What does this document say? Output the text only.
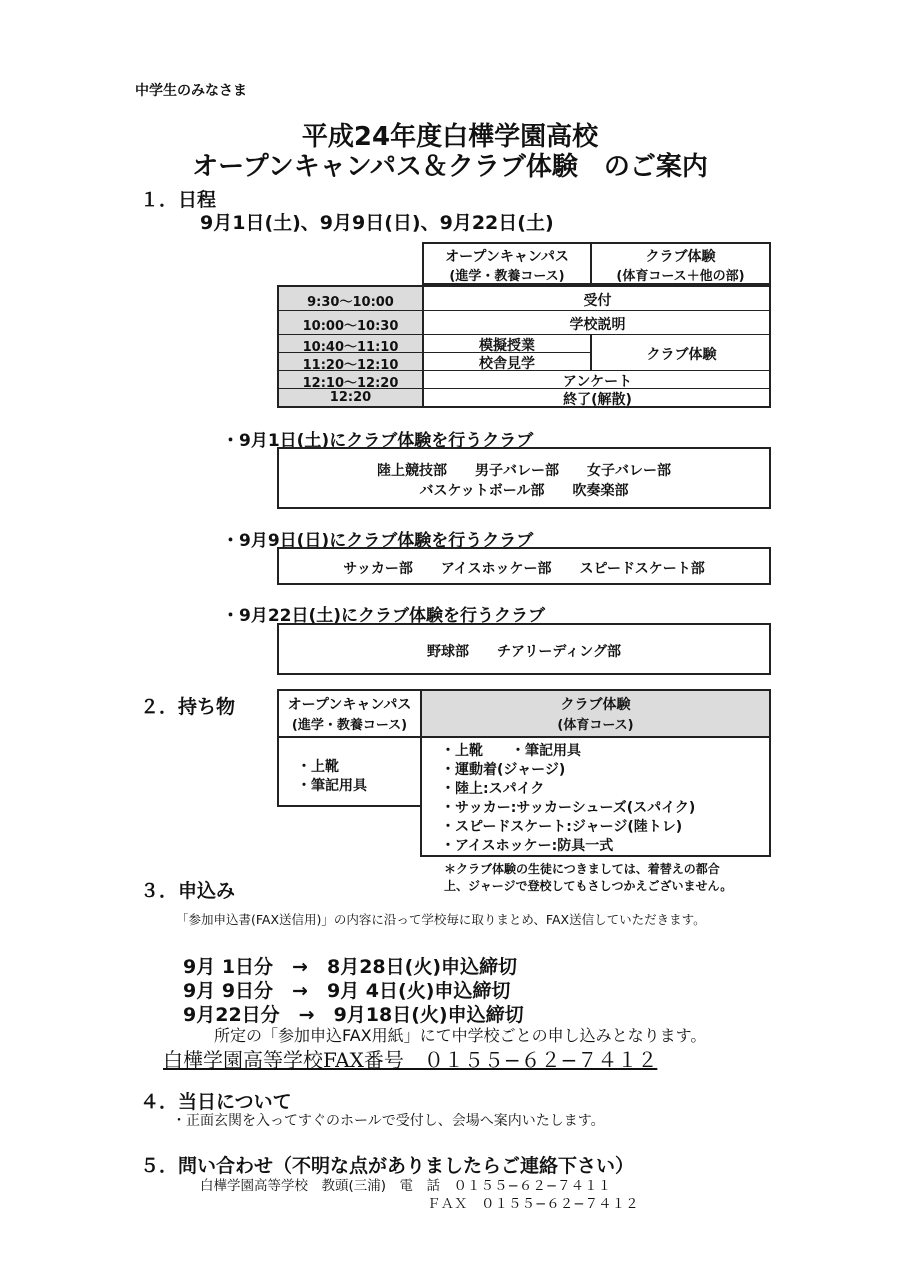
中学生のみなさま
平成24年度白樺学園高校
オープンキャンパス＆クラブ体験　のご案内
１．日程
9月1日(土)、9月9日(日)、9月22日(土)
オープンキャンパス
(進学・教養コース)
クラブ体験
(体育コース＋他の部)
9:30〜10:00
10:00〜10:30
10:40〜11:10
11:20〜12:10
12:10〜12:20
12:20
受付
学校説明
模擬授業
校舎見学
クラブ体験
アンケート
終了(解散)
・9月1日(土)にクラブ体験を行うクラブ
陸上競技部　　男子バレー部　　女子バレー部
バスケットボール部　　吹奏楽部
・9月9日(日)にクラブ体験を行うクラブ
サッカー部　　アイスホッケー部　　スピードスケート部
・9月22日(土)にクラブ体験を行うクラブ
野球部　　チアリーディング部
２．持ち物	オープンキャンパス
(進学・教養コース)
・上靴
・筆記用具
クラブ体験
(体育コース)
・上靴　　・筆記用具
・運動着(ジャージ)
・陸上:スパイク
・サッカー:サッカーシューズ(スパイク)
・スピードスケート:ジャージ(陸トレ)
・アイスホッケー:防具一式
＊クラブ体験の生徒につきましては、着替えの都合
上、ジャージで登校してもさしつかえございません。
３．申込み
「参加申込書(FAX送信用)」の内容に沿って学校毎に取りまとめ、FAX送信していただきます。
9月 1日分　→　8月28日(火)申込締切
9月 9日分　→　9月 4日(火)申込締切
9月22日分　→　9月18日(火)申込締切
所定の「参加申込FAX用紙」にて中学校ごとの申し込みとなります。
白樺学園高等学校FAX番号　０１５５−６２−７４１２
４．当日について
・正面玄関を入ってすぐのホールで受付し、会場へ案内いたします。
５．問い合わせ（不明な点がありましたらご連絡下さい）
白樺学園高等学校　教頭(三浦)　電　話　０１５５−６２−７４１１
ＦＡＸ　０１５５−６２−７４１２
